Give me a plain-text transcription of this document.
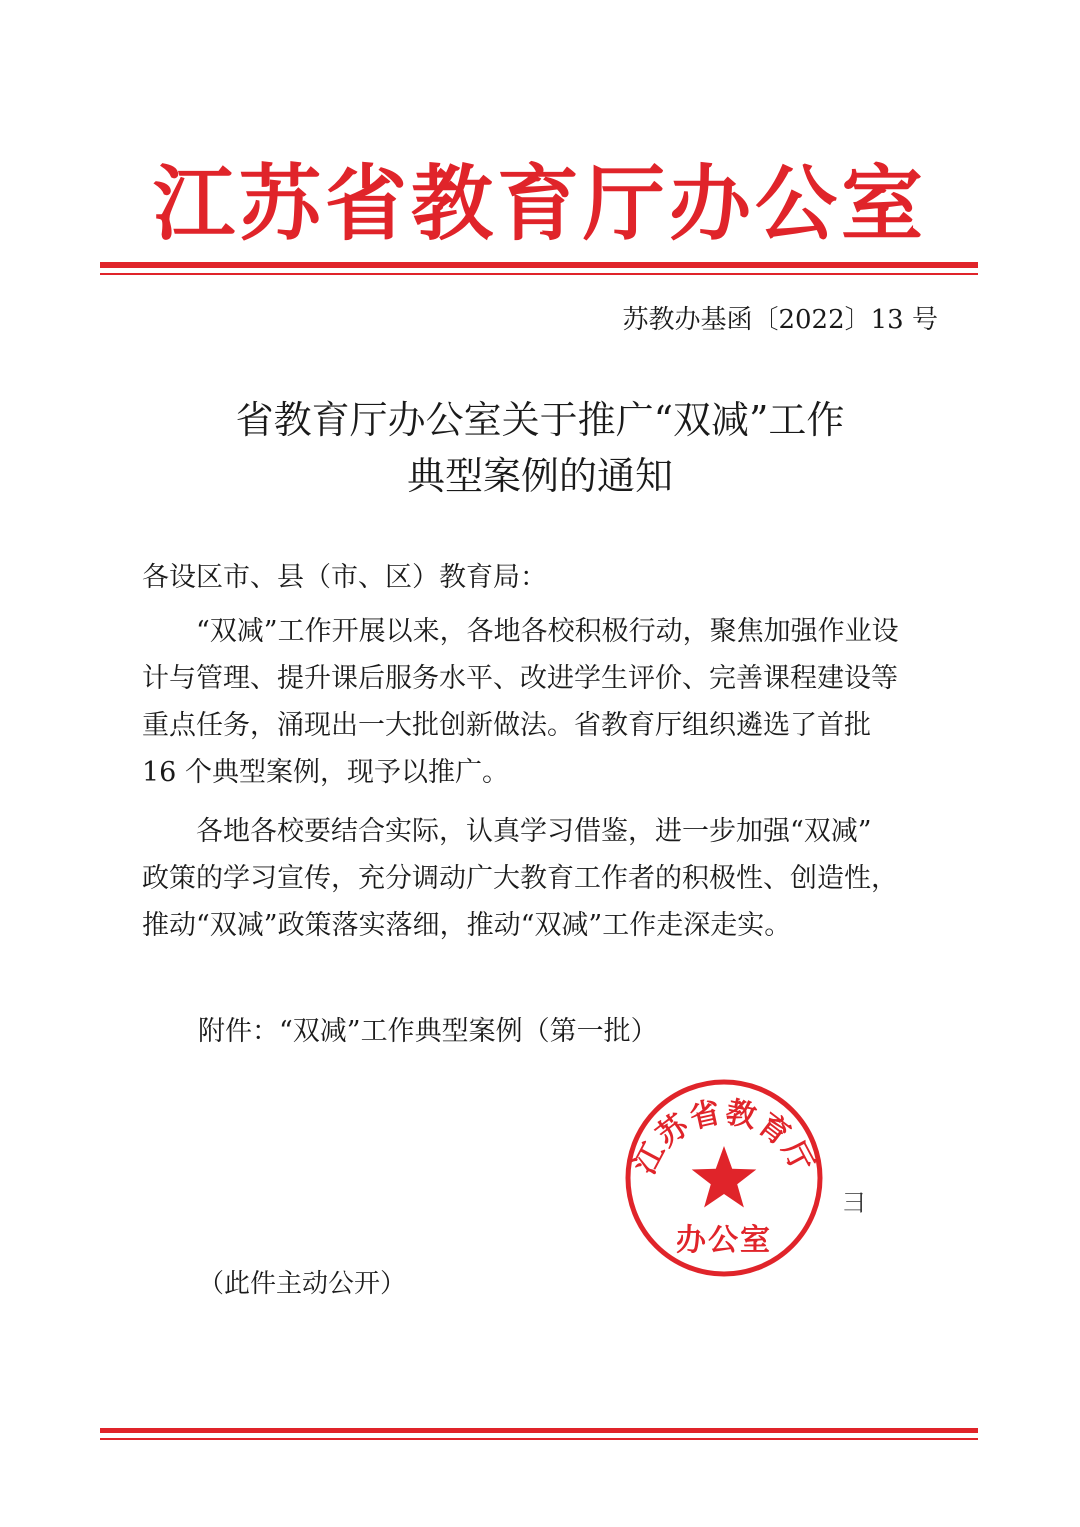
江苏省教育厅办公室
苏教办基函〔2022〕13 号
省教育厅办公室关于推广“双减”工作
典型案例的通知
各设区市、县（市、区）教育局：
　　“双减”工作开展以来，各地各校积极行动，聚焦加强作业设
计与管理、提升课后服务水平、改进学生评价、完善课程建设等
重点任务，涌现出一大批创新做法。省教育厅组织遴选了首批
16 个典型案例，现予以推广。
　　各地各校要结合实际，认真学习借鉴，进一步加强“双减”
政策的学习宣传，充分调动广大教育工作者的积极性、创造性，
推动“双减”政策落实落细，推动“双减”工作走深走实。
附件：“双减”工作典型案例（第一批）
江苏省教育厅
办公室
彐
（此件主动公开）
